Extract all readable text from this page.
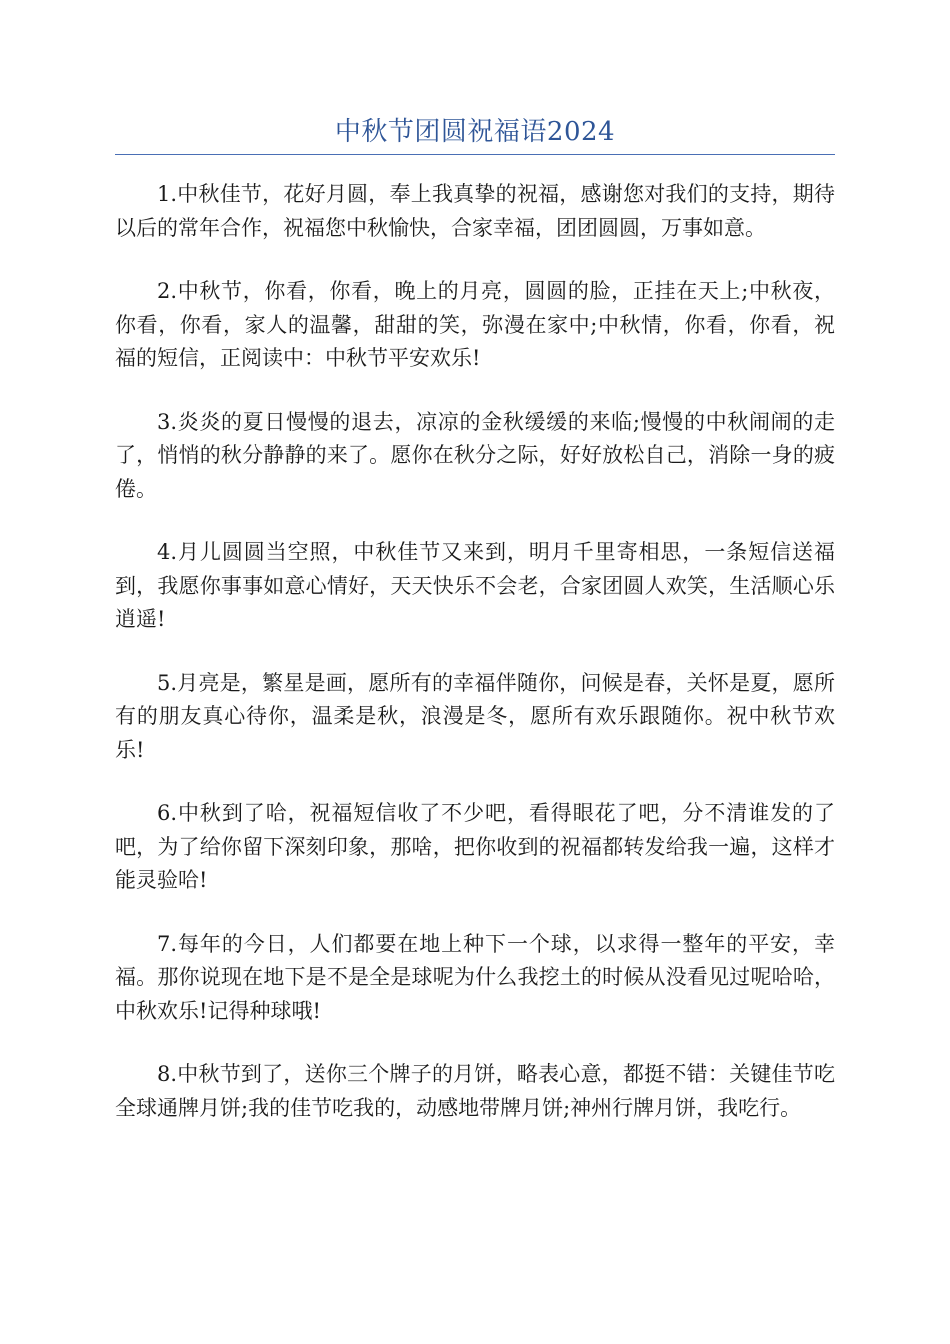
中秋节团圆祝福语2024

1.中秋佳节，花好月圆，奉上我真挚的祝福，感谢您对我们的支持，期待以后的常年合作，祝福您中秋愉快，合家幸福，团团圆圆，万事如意。

2.中秋节，你看，你看，晚上的月亮，圆圆的脸，正挂在天上;中秋夜，你看，你看，家人的温馨，甜甜的笑，弥漫在家中;中秋情，你看，你看，祝福的短信，正阅读中：中秋节平安欢乐!

3.炎炎的夏日慢慢的退去，凉凉的金秋缓缓的来临;慢慢的中秋闹闹的走了，悄悄的秋分静静的来了。愿你在秋分之际，好好放松自己，消除一身的疲倦。

4.月儿圆圆当空照，中秋佳节又来到，明月千里寄相思，一条短信送福到，我愿你事事如意心情好，天天快乐不会老，合家团圆人欢笑，生活顺心乐逍遥!

5.月亮是，繁星是画，愿所有的幸福伴随你，问候是春，关怀是夏，愿所有的朋友真心待你，温柔是秋，浪漫是冬，愿所有欢乐跟随你。祝中秋节欢乐!

6.中秋到了哈，祝福短信收了不少吧，看得眼花了吧，分不清谁发的了吧，为了给你留下深刻印象，那啥，把你收到的祝福都转发给我一遍，这样才能灵验哈!

7.每年的今日，人们都要在地上种下一个球，以求得一整年的平安，幸福。那你说现在地下是不是全是球呢为什么我挖土的时候从没看见过呢哈哈，中秋欢乐!记得种球哦!

8.中秋节到了，送你三个牌子的月饼，略表心意，都挺不错：关键佳节吃全球通牌月饼;我的佳节吃我的，动感地带牌月饼;神州行牌月饼，我吃行。
